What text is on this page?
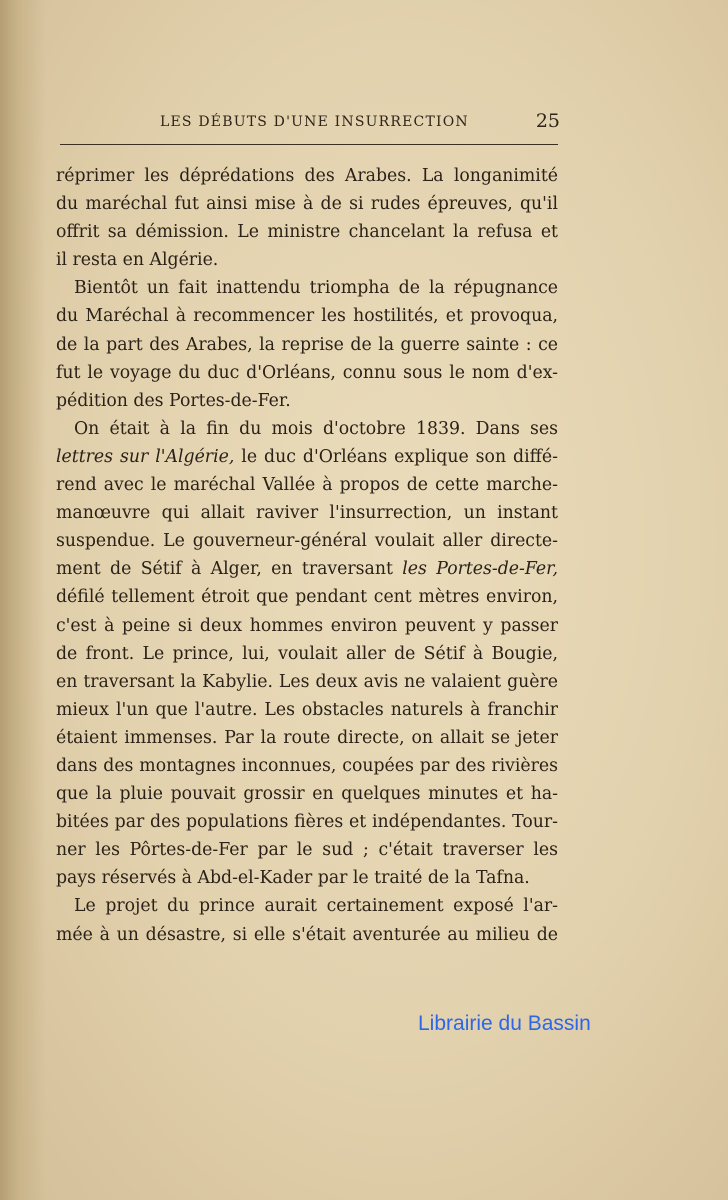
LES DÉBUTS D'UNE INSURRECTION	25
réprimer les déprédations des Arabes. La longanimité
du maréchal fut ainsi mise à de si rudes épreuves, qu'il
offrit sa démission. Le ministre chancelant la refusa et
il resta en Algérie.
Bientôt un fait inattendu triompha de la répugnance
du Maréchal à recommencer les hostilités, et provoqua,
de la part des Arabes, la reprise de la guerre sainte : ce
fut le voyage du duc d'Orléans, connu sous le nom d'ex-
pédition des Portes-de-Fer.
On était à la fin du mois d'octobre 1839. Dans ses
lettres sur l'Algérie, le duc d'Orléans explique son diffé-
rend avec le maréchal Vallée à propos de cette marche-
manœuvre qui allait raviver l'insurrection, un instant
suspendue. Le gouverneur-général voulait aller directe-
ment de Sétif à Alger, en traversant les Portes-de-Fer,
défilé tellement étroit que pendant cent mètres environ,
c'est à peine si deux hommes environ peuvent y passer
de front. Le prince, lui, voulait aller de Sétif à Bougie,
en traversant la Kabylie. Les deux avis ne valaient guère
mieux l'un que l'autre. Les obstacles naturels à franchir
étaient immenses. Par la route directe, on allait se jeter
dans des montagnes inconnues, coupées par des rivières
que la pluie pouvait grossir en quelques minutes et ha-
bitées par des populations fières et indépendantes. Tour-
ner les Pôrtes-de-Fer par le sud ; c'était traverser les
pays réservés à Abd-el-Kader par le traité de la Tafna.
Le projet du prince aurait certainement exposé l'ar-
mée à un désastre, si elle s'était aventurée au milieu de
Librairie du Bassin
